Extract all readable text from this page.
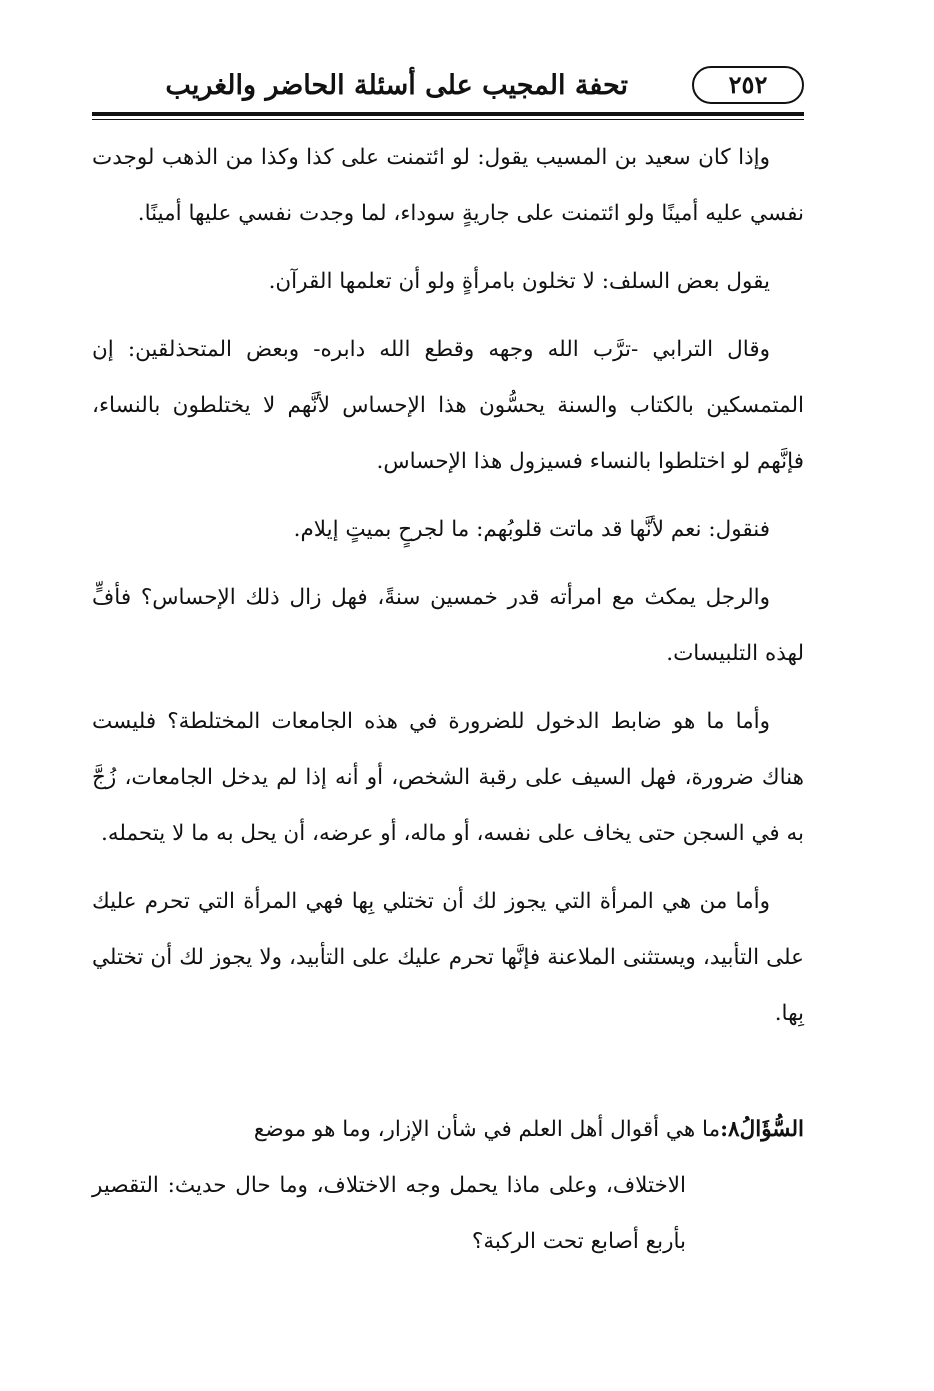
٢٥٢
تحفة المجيب على أسئلة الحاضر والغريب

وإذا كان سعيد بن المسيب يقول: لو ائتمنت على كذا وكذا من الذهب لوجدت نفسي عليه أمينًا ولو ائتمنت على جاريةٍ سوداء، لما وجدت نفسي عليها أمينًا.

يقول بعض السلف: لا تخلون بامرأةٍ ولو أن تعلمها القرآن.

وقال الترابي -ترَّب الله وجهه وقطع الله دابره- وبعض المتحذلقين: إن المتمسكين بالكتاب والسنة يحسُّون هذا الإحساس لأنَّهم لا يختلطون بالنساء، فإنَّهم لو اختلطوا بالنساء فسيزول هذا الإحساس.

فنقول: نعم لأنَّها قد ماتت قلوبُهم: ما لجرحٍ بميتٍ إيلام.

والرجل يمكث مع امرأته قدر خمسين سنةً، فهل زال ذلك الإحساس؟ فأفٍّ لهذه التلبيسات.

وأما ما هو ضابط الدخول للضرورة في هذه الجامعات المختلطة؟ فليست هناك ضرورة، فهل السيف على رقبة الشخص، أو أنه إذا لم يدخل الجامعات، زُجَّ به في السجن حتى يخاف على نفسه، أو ماله، أو عرضه، أن يحل به ما لا يتحمله.

وأما من هي المرأة التي يجوز لك أن تختلي بِها فهي المرأة التي تحرم عليك على التأبيد، ويستثنى الملاعنة فإنَّها تحرم عليك على التأبيد، ولا يجوز لك أن تختلي بِها.

السُّؤَالُ٨:ما هي أقوال أهل العلم في شأن الإزار، وما هو موضع
الاختلاف، وعلى ماذا يحمل وجه الاختلاف، وما حال حديث: التقصير بأربع أصابع تحت الركبة؟
